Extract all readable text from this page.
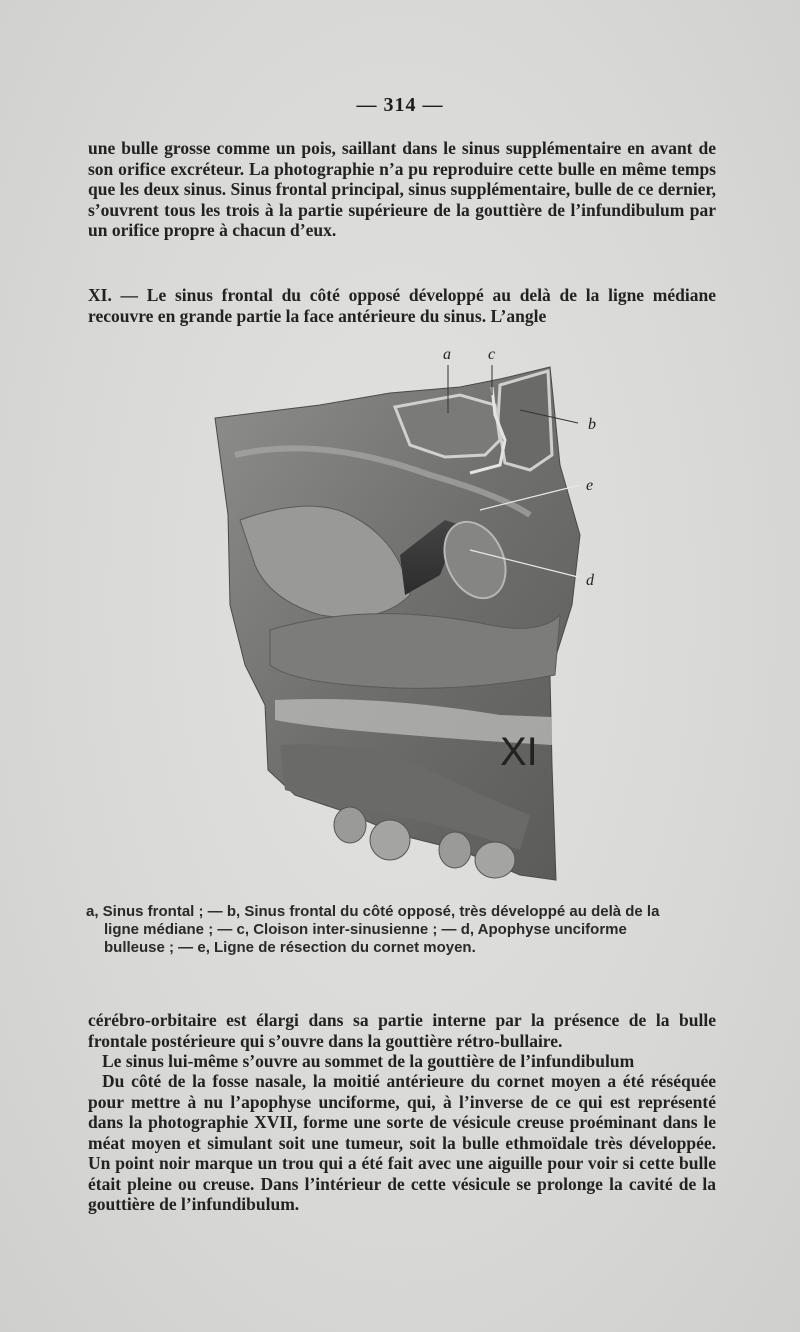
— 314 —

une bulle grosse comme un pois, saillant dans le sinus supplémentaire en avant de son orifice excréteur. La photographie n’a pu reproduire cette bulle en même temps que les deux sinus. Sinus frontal principal, sinus supplémentaire, bulle de ce dernier, s’ouvrent tous les trois à la partie supérieure de la gouttière de l’infundibulum par un orifice propre à chacun d’eux.

XI. — Le sinus frontal du côté opposé développé au delà de la ligne médiane recouvre en grande partie la face antérieure du sinus. L’angle

XI
a c
b
e
d
a, Sinus frontal ; — b, Sinus frontal du côté opposé, très développé au delà de la
ligne médiane ; — c, Cloison inter-sinusienne ; — d, Apophyse unciforme
bulleuse ; — e, Ligne de résection du cornet moyen.

cérébro-orbitaire est élargi dans sa partie interne par la présence de la bulle frontale postérieure qui s’ouvre dans la gouttière rétro-bullaire.

Le sinus lui-même s’ouvre au sommet de la gouttière de l’infundibulum

Du côté de la fosse nasale, la moitié antérieure du cornet moyen a été réséquée pour mettre à nu l’apophyse unciforme, qui, à l’inverse de ce qui est représenté dans la photographie XVII, forme une sorte de vésicule creuse proéminant dans le méat moyen et simulant soit une tumeur, soit la bulle ethmoïdale très développée. Un point noir marque un trou qui a été fait avec une aiguille pour voir si cette bulle était pleine ou creuse. Dans l’intérieur de cette vésicule se prolonge la cavité de la gouttière de l’infundibulum.
